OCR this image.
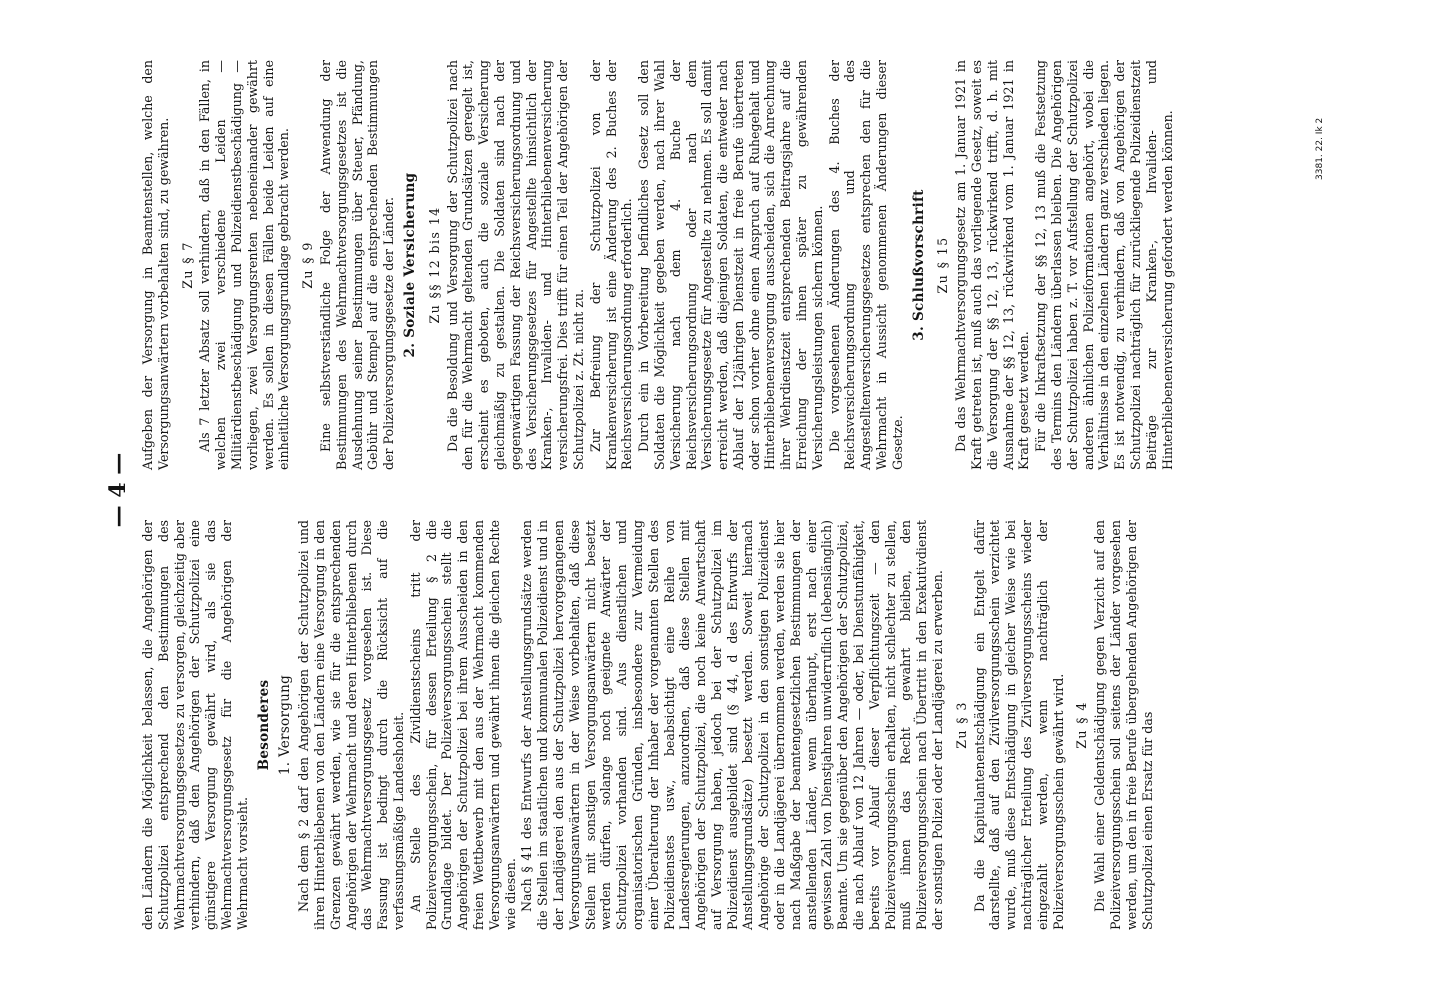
— 4 —

den Ländern die Möglichkeit belassen, die Angehörigen der Schutzpolizei entsprechend den Bestimmungen des Wehrmachtversorgungsgesetzes zu versorgen, gleichzeitig aber verhindern, daß den Angehörigen der Schutzpolizei eine günstigere Versorgung gewährt wird, als sie das Wehrmachtversorgungsgesetz für die Angehörigen der Wehrmacht vorsieht.

Besonderes 1. Versorgung Nach dem § 2 darf den Angehörigen der Schutzpolizei und ihren Hinterbliebenen von den Ländern eine Versorgung in den Grenzen gewährt werden, wie sie für die entsprechenden Angehörigen der Wehrmacht und deren Hinterbliebenen durch das Wehrmachtversorgungsgesetz vorgesehen ist. Diese Fassung ist bedingt durch die Rücksicht auf die verfassungsmäßige Landeshoheit. An Stelle des Zivildienstscheins tritt der Polizeiversorgungsschein, für dessen Erteilung § 2 die Grundlage bildet. Der Polizeiversorgungsschein stellt die Angehörigen der Schutzpolizei bei ihrem Ausscheiden in den freien Wettbewerb mit den aus der Wehrmacht kommenden Versorgungsanwärtern und gewährt ihnen die gleichen Rechte wie diesen. Nach § 41 des Entwurfs der Anstellungsgrundsätze werden die Stellen im staatlichen und kommunalen Polizeidienst und in der Landjägerei den aus der Schutzpolizei hervorgegangenen Versorgungsanwärtern in der Weise vorbehalten, daß diese Stellen mit sonstigen Versorgungsanwärtern nicht besetzt werden dürfen, solange noch geeignete Anwärter der Schutzpolizei vorhanden sind. Aus dienstlichen und organisatorischen Gründen, insbesondere zur Vermeidung einer Überalterung der Inhaber der vorgenannten Stellen des Polizeidienstes usw., beabsichtigt eine Reihe von Landesregierungen, anzuordnen, daß diese Stellen mit Angehörigen der Schutzpolizei, die noch keine Anwartschaft auf Versorgung haben, jedoch bei der Schutzpolizei im Polizeidienst ausgebildet sind (§ 44, d des Entwurfs der Anstellungsgrundsätze) besetzt werden. Soweit hiernach Angehörige der Schutzpolizei in den sonstigen Polizeidienst oder in die Landjägerei übernommen werden, werden sie hier nach Maßgabe der beamtengesetzlichen Bestimmungen der anstellenden Länder, wenn überhaupt, erst nach einer gewissen Zahl von Dienstjahren unwiderruflich (lebenslänglich) Beamte. Um sie gegenüber den Angehörigen der Schutzpolizei, die nach Ablauf von 12 Jahren — oder, bei Dienstunfähigkeit, bereits vor Ablauf dieser Verpflichtungszeit — den Polizeiversorgungsschein erhalten, nicht schlechter zu stellen, muß ihnen das Recht gewahrt bleiben, den Polizeiversorgungsschein nach Übertritt in den Exekutivdienst der sonstigen Polizei oder der Landjägerei zu erwerben. Zu § 3 Da die Kapitulantenentschädigung ein Entgelt dafür darstellte, daß auf den Zivilversorgungsschein verzichtet wurde, muß diese Entschädigung in gleicher Weise wie bei nachträglicher Erteilung des Zivilversorgungsscheins wieder eingezahlt werden, wenn nachträglich der Polizeiversorgungsschein gewährt wird. Zu § 4 Die Wahl einer Geldentschädigung gegen Verzicht auf den Polizeiversorgungsschein soll seitens der Länder vorgesehen werden, um den in freie Berufe übergehenden Angehörigen der Schutzpolizei einen Ersatz für das

Aufgeben der Versorgung in Beamtenstellen, welche den Versorgungsanwärtern vorbehalten sind, zu gewähren. Zu § 7 Als 7 letzter Absatz soll verhindern, daß in den Fällen, in welchen zwei verschiedene Leiden — Militärdienstbeschädigung und Polizeidienstbeschädigung — vorliegen, zwei Versorgungsrenten nebeneinander gewährt werden. Es sollen in diesen Fällen beide Leiden auf eine einheitliche Versorgungsgrundlage gebracht werden. Zu § 9 Eine selbstverständliche Folge der Anwendung der Bestimmungen des Wehrmachtversorgungsgesetzes ist die Ausdehnung seiner Bestimmungen über Steuer, Pfändung, Gebühr und Stempel auf die entsprechenden Bestimmungen der Polizeiversorgungsgesetze der Länder. 2. Soziale Versicherung Zu §§ 12 bis 14 Da die Besoldung und Versorgung der Schutzpolizei nach den für die Wehrmacht geltenden Grundsätzen geregelt ist, erscheint es geboten, auch die soziale Versicherung gleichmäßig zu gestalten. Die Soldaten sind nach der gegenwärtigen Fassung der Reichsversicherungsordnung und des Versicherungsgesetzes für Angestellte hinsichtlich der Kranken-, Invaliden- und Hinterbliebenenversicherung versicherungsfrei. Dies trifft für einen Teil der Angehörigen der Schutzpolizei z. Zt. nicht zu. Zur Befreiung der Schutzpolizei von der Krankenversicherung ist eine Änderung des 2. Buches der Reichsversicherungsordnung erforderlich. Durch ein in Vorbereitung befindliches Gesetz soll den Soldaten die Möglichkeit gegeben werden, nach ihrer Wahl Versicherung nach dem 4. Buche der Reichsversicherungsordnung oder nach dem Versicherungsgesetze für Angestellte zu nehmen. Es soll damit erreicht werden, daß diejenigen Soldaten, die entweder nach Ablauf der 12jährigen Dienstzeit in freie Berufe übertreten oder schon vorher ohne einen Anspruch auf Ruhegehalt und Hinterbliebenenversorgung ausscheiden, sich die Anrechnung ihrer Wehrdienstzeit entsprechenden Beitragsjahre auf die Erreichung der ihnen später zu gewährenden Versicherungsleistungen sichern können. Die vorgesehenen Änderungen des 4. Buches der Reichsversicherungsordnung und des Angestelltenversicherungsgesetzes entsprechen den für die Wehrmacht in Aussicht genommenen Änderungen dieser Gesetze.

3. Schlußvorschrift Zu § 15 Da das Wehrmachtversorgungsgesetz am 1. Januar 1921 in Kraft getreten ist, muß auch das vorliegende Gesetz, soweit es die Versorgung der §§ 12, 13, rückwirkend trifft, d. h. mit Ausnahme der §§ 12, 13, rückwirkend vom 1. Januar 1921 in Kraft gesetzt werden. Für die Inkraftsetzung der §§ 12, 13 muß die Festsetzung des Termins den Ländern überlassen bleiben. Die Angehörigen der Schutzpolizei haben z. T. vor Aufstellung der Schutzpolizei anderen ähnlichen Polizeiformationen angehört, wobei die Verhältnisse in den einzelnen Ländern ganz verschieden liegen. Es ist notwendig, zu verhindern, daß von Angehörigen der Schutzpolizei nachträglich für zurückliegende Polizeidienstzeit Beiträge zur Kranken-, Invaliden- und Hinterbliebenenversicherung gefordert werden können.	3381. 22. Ik 2
